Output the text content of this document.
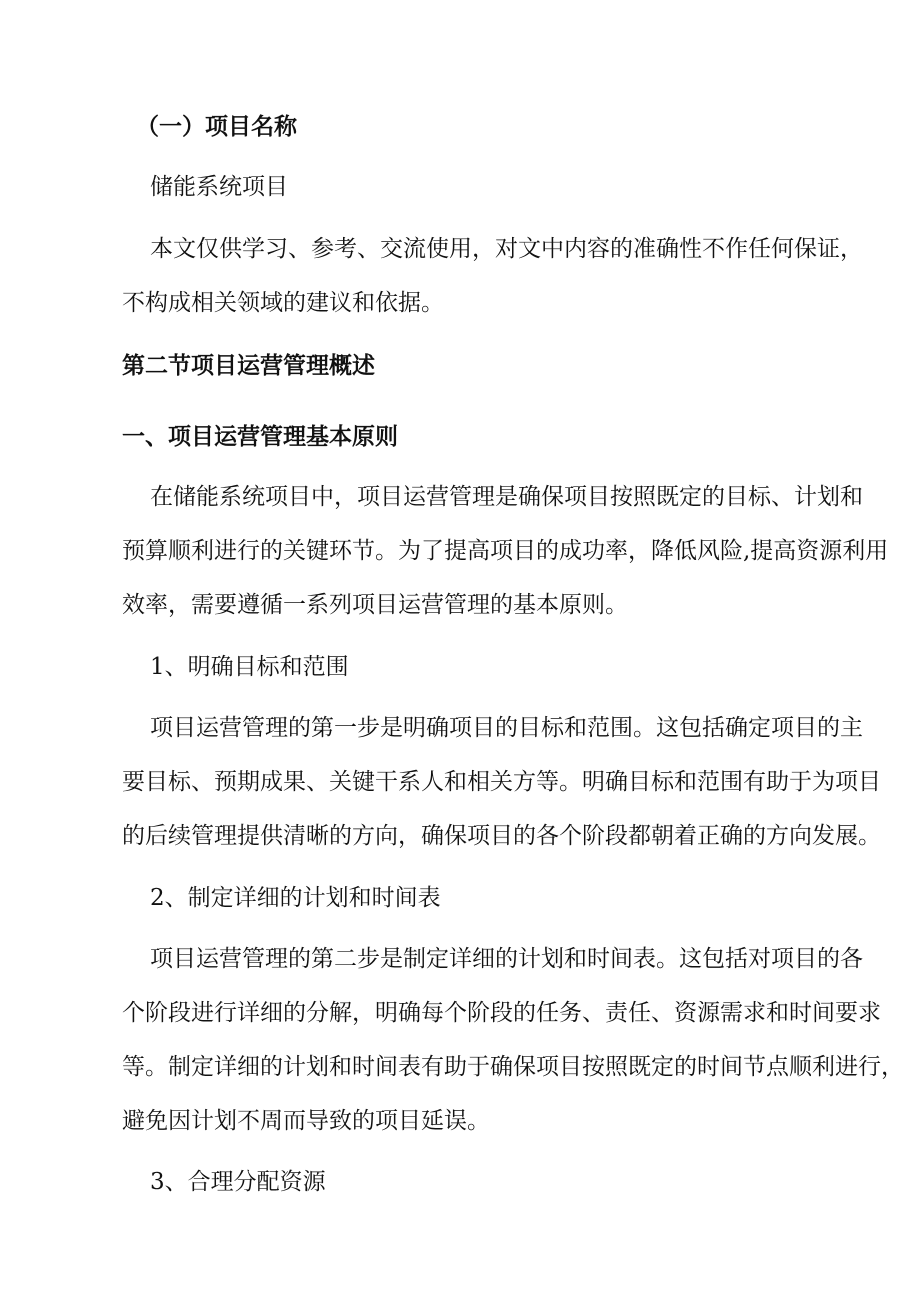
（一）项目名称
储能系统项目
本文仅供学习、参考、交流使用，对文中内容的准确性不作任何保证，
不构成相关领域的建议和依据。
第二节项目运营管理概述
一、项目运营管理基本原则
在储能系统项目中，项目运营管理是确保项目按照既定的目标、计划和
预算顺利进行的关键环节。为了提高项目的成功率，降低风险,提高资源利用
效率，需要遵循一系列项目运营管理的基本原则。
1、明确目标和范围
项目运营管理的第一步是明确项目的目标和范围。这包括确定项目的主
要目标、预期成果、关键干系人和相关方等。明确目标和范围有助于为项目
的后续管理提供清晰的方向，确保项目的各个阶段都朝着正确的方向发展。
2、制定详细的计划和时间表
项目运营管理的第二步是制定详细的计划和时间表。这包括对项目的各
个阶段进行详细的分解，明确每个阶段的任务、责任、资源需求和时间要求
等。制定详细的计划和时间表有助于确保项目按照既定的时间节点顺利进行，
避免因计划不周而导致的项目延误。
3、合理分配资源
